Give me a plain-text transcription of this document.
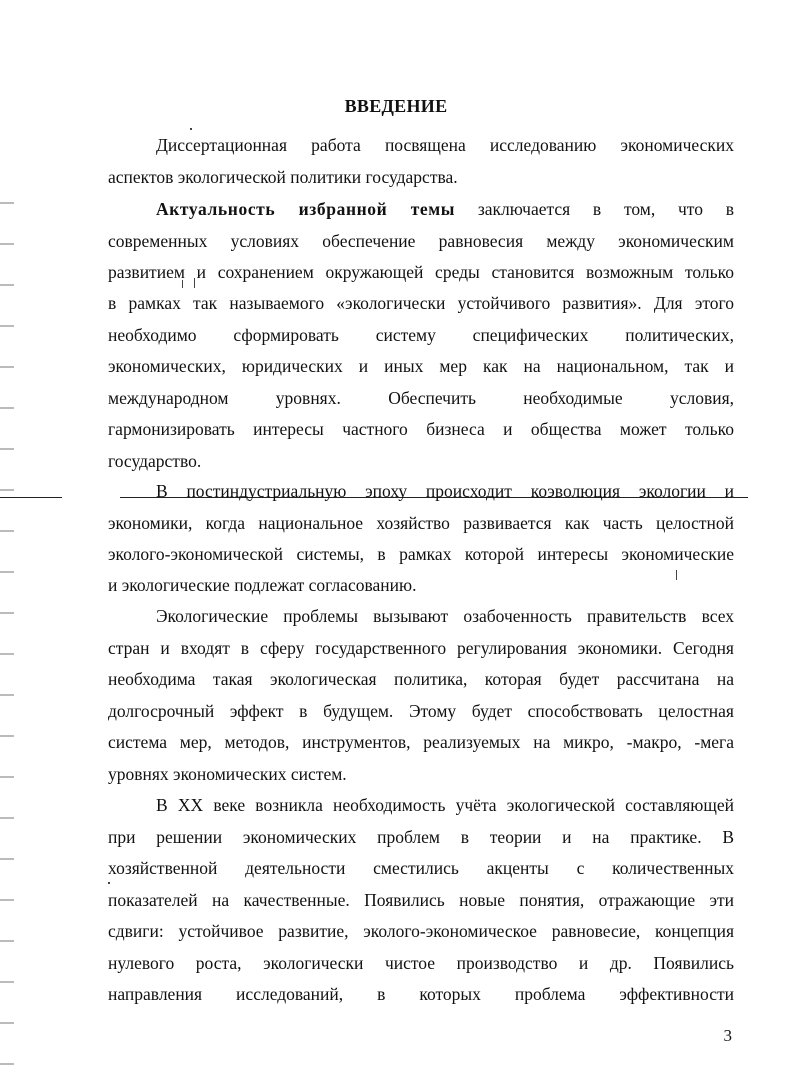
ВВЕДЕНИЕ
Диссертационная работа посвящена исследованию экономических
аспектов экологической политики государства.
Актуальность избранной темы заключается в том, что в
современных условиях обеспечение равновесия между экономическим
развитием и сохранением окружающей среды становится возможным только
в рамках так называемого «экологически устойчивого развития». Для этого
необходимо сформировать систему специфических политических,
экономических, юридических и иных мер как на национальном, так и
международном уровнях. Обеспечить необходимые условия,
гармонизировать интересы частного бизнеса и общества может только
государство.
В постиндустриальную эпоху происходит коэволюция экологии и
экономики, когда национальное хозяйство развивается как часть целостной
эколого-экономической системы, в рамках которой интересы экономические
и экологические подлежат согласованию.
Экологические проблемы вызывают озабоченность правительств всех
стран и входят в сферу государственного регулирования экономики. Сегодня
необходима такая экологическая политика, которая будет рассчитана на
долгосрочный эффект в будущем. Этому будет способствовать целостная
система мер, методов, инструментов, реализуемых на микро, -макро, -мега
уровнях экономических систем.
В XX веке возникла необходимость учёта экологической составляющей
при решении экономических проблем в теории и на практике. В
хозяйственной деятельности сместились акценты с количественных
показателей на качественные. Появились новые понятия, отражающие эти
сдвиги: устойчивое развитие, эколого-экономическое равновесие, концепция
нулевого роста, экологически чистое производство и др. Появились
направления исследований, в которых проблема эффективности
3
